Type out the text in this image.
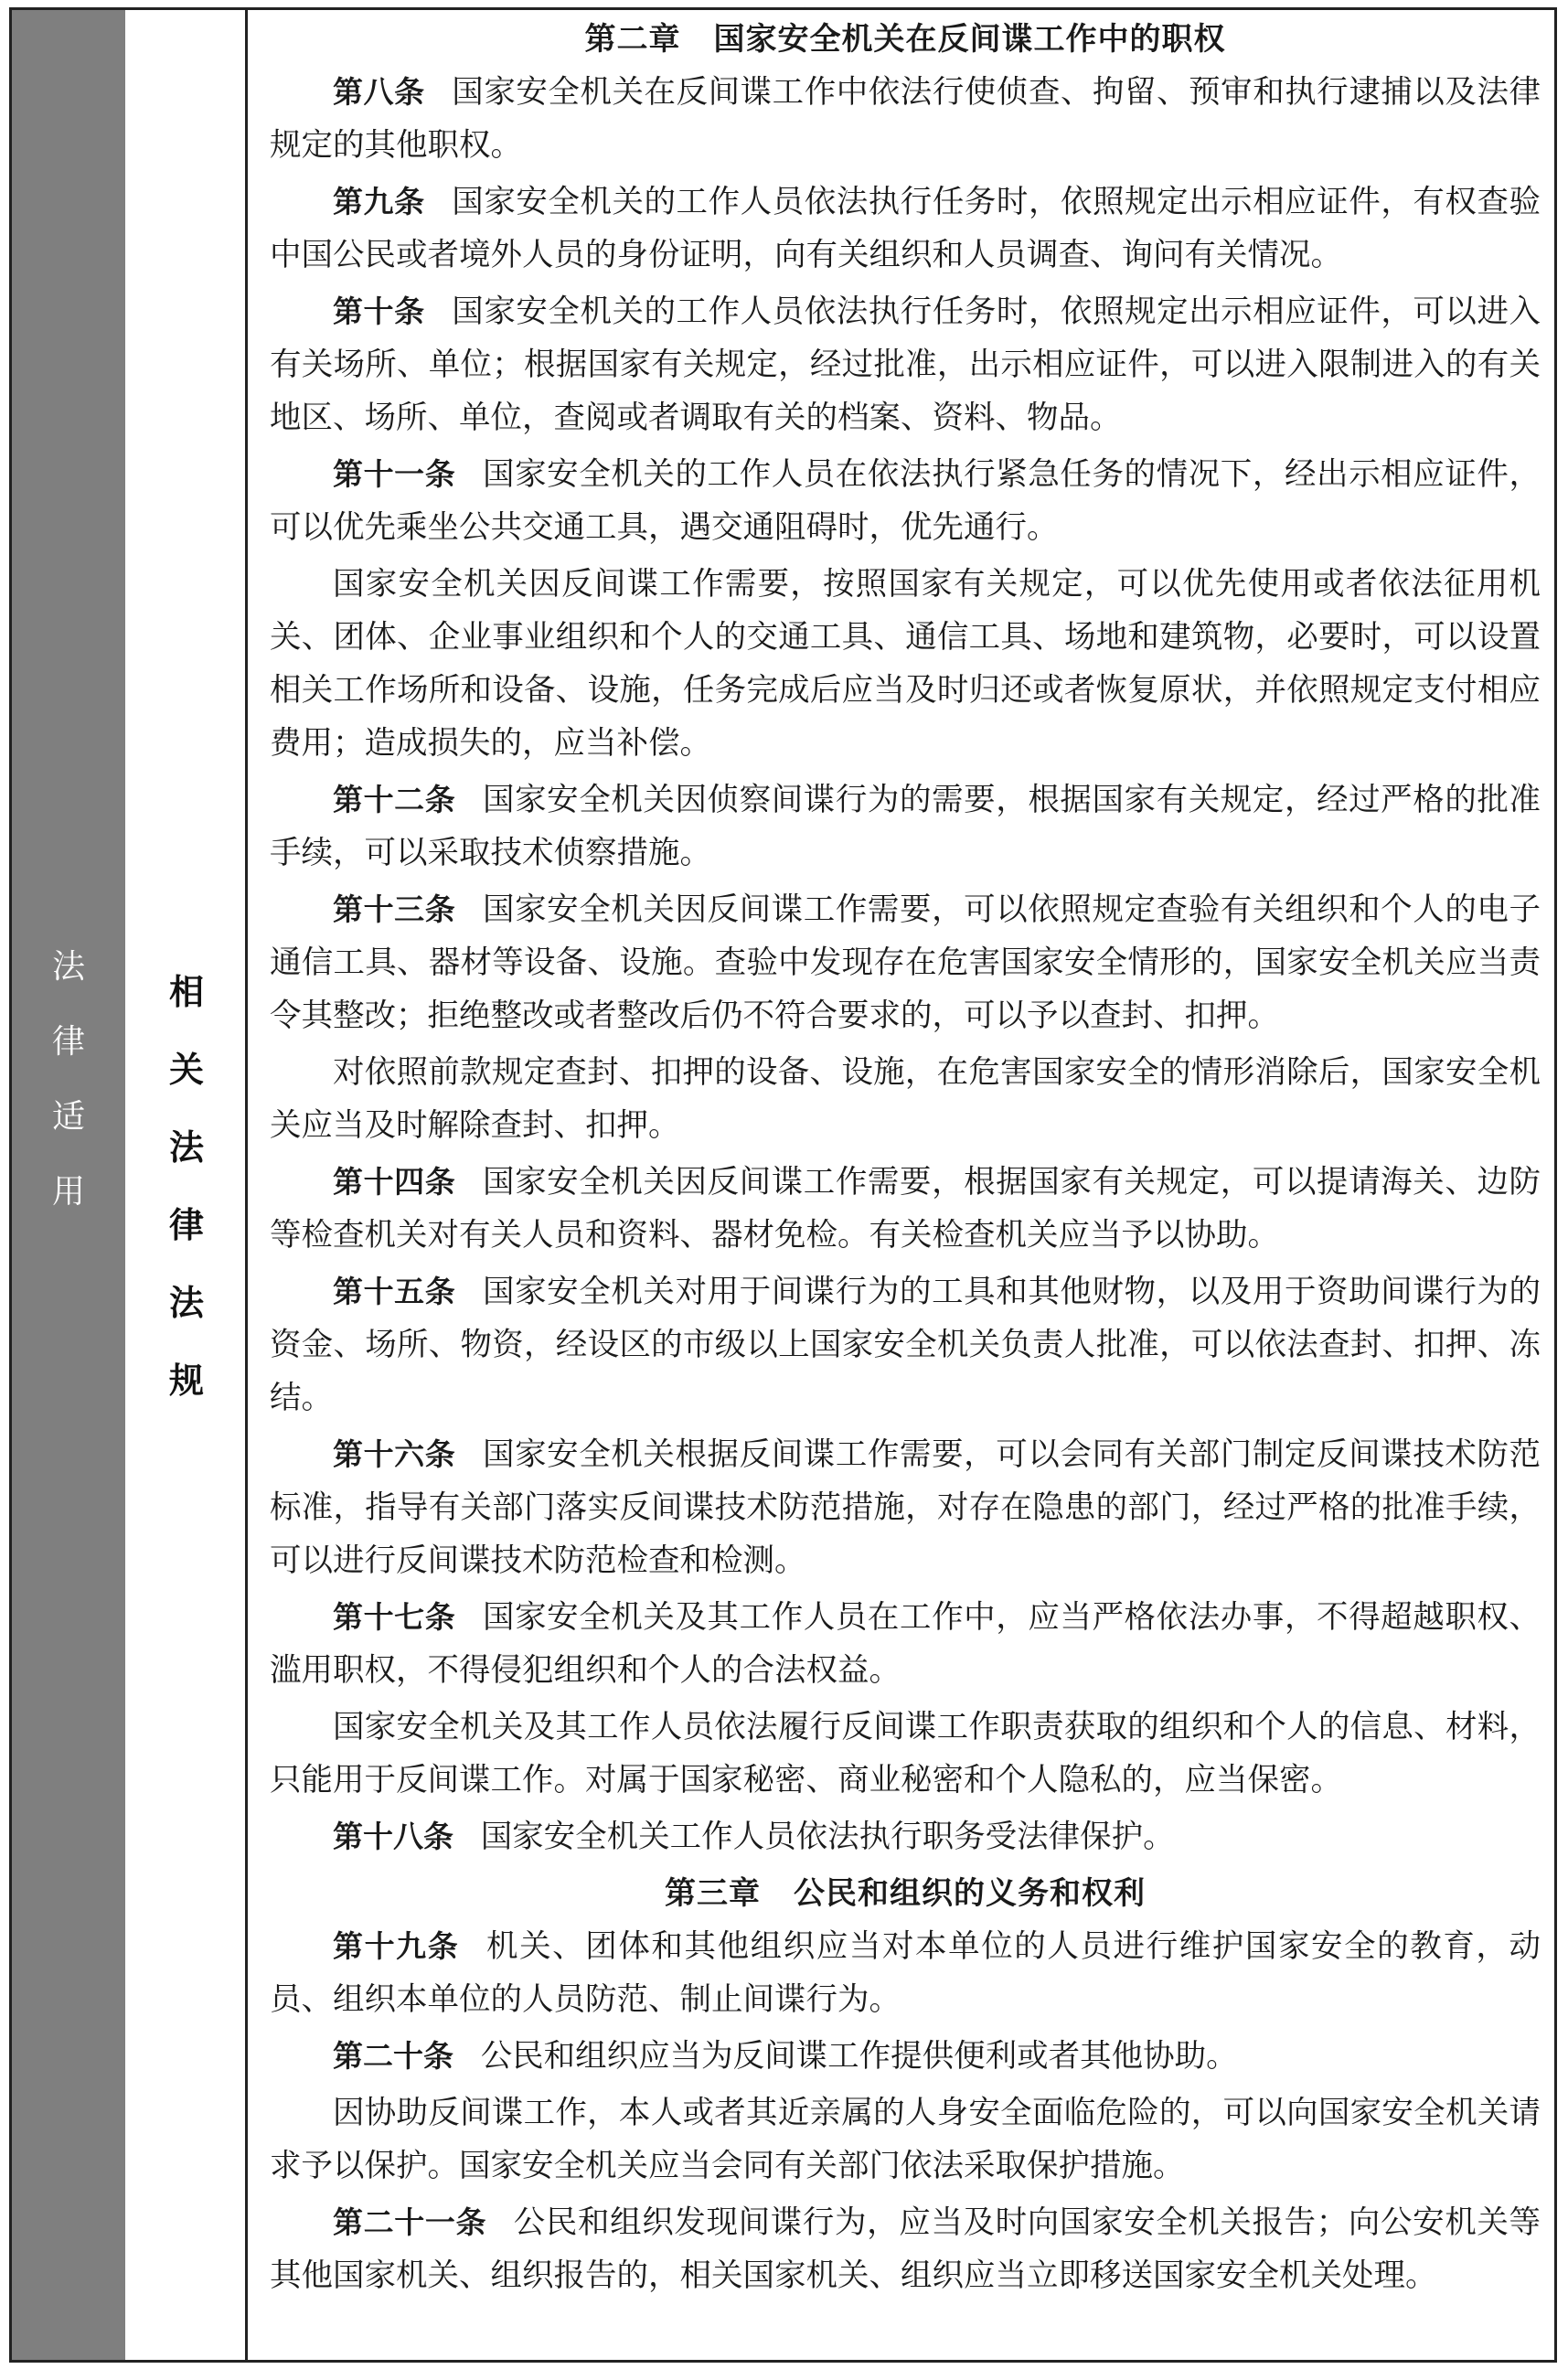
法
律
适
用
相
关
法
律
法
规
第二章 国家安全机关在反间谍工作中的职权

第八条 国家安全机关在反间谍工作中依法行使侦查、拘留、预审和执行逮捕以及法律规定的其他职权。

第九条 国家安全机关的工作人员依法执行任务时，依照规定出示相应证件，有权查验中国公民或者境外人员的身份证明，向有关组织和人员调查、询问有关情况。

第十条 国家安全机关的工作人员依法执行任务时，依照规定出示相应证件，可以进入有关场所、单位；根据国家有关规定，经过批准，出示相应证件，可以进入限制进入的有关地区、场所、单位，查阅或者调取有关的档案、资料、物品。

第十一条 国家安全机关的工作人员在依法执行紧急任务的情况下，经出示相应证件，可以优先乘坐公共交通工具，遇交通阻碍时，优先通行。

国家安全机关因反间谍工作需要，按照国家有关规定，可以优先使用或者依法征用机关、团体、企业事业组织和个人的交通工具、通信工具、场地和建筑物，必要时，可以设置相关工作场所和设备、设施，任务完成后应当及时归还或者恢复原状，并依照规定支付相应费用；造成损失的，应当补偿。

第十二条 国家安全机关因侦察间谍行为的需要，根据国家有关规定，经过严格的批准手续，可以采取技术侦察措施。

第十三条 国家安全机关因反间谍工作需要，可以依照规定查验有关组织和个人的电子通信工具、器材等设备、设施。查验中发现存在危害国家安全情形的，国家安全机关应当责令其整改；拒绝整改或者整改后仍不符合要求的，可以予以查封、扣押。

对依照前款规定查封、扣押的设备、设施，在危害国家安全的情形消除后，国家安全机关应当及时解除查封、扣押。

第十四条 国家安全机关因反间谍工作需要，根据国家有关规定，可以提请海关、边防等检查机关对有关人员和资料、器材免检。有关检查机关应当予以协助。

第十五条 国家安全机关对用于间谍行为的工具和其他财物，以及用于资助间谍行为的资金、场所、物资，经设区的市级以上国家安全机关负责人批准，可以依法查封、扣押、冻结。

第十六条 国家安全机关根据反间谍工作需要，可以会同有关部门制定反间谍技术防范标准，指导有关部门落实反间谍技术防范措施，对存在隐患的部门，经过严格的批准手续，可以进行反间谍技术防范检查和检测。

第十七条 国家安全机关及其工作人员在工作中，应当严格依法办事，不得超越职权、滥用职权，不得侵犯组织和个人的合法权益。

国家安全机关及其工作人员依法履行反间谍工作职责获取的组织和个人的信息、材料，只能用于反间谍工作。对属于国家秘密、商业秘密和个人隐私的，应当保密。

第十八条 国家安全机关工作人员依法执行职务受法律保护。

第三章 公民和组织的义务和权利

第十九条 机关、团体和其他组织应当对本单位的人员进行维护国家安全的教育，动员、组织本单位的人员防范、制止间谍行为。

第二十条 公民和组织应当为反间谍工作提供便利或者其他协助。

因协助反间谍工作，本人或者其近亲属的人身安全面临危险的，可以向国家安全机关请求予以保护。国家安全机关应当会同有关部门依法采取保护措施。

第二十一条 公民和组织发现间谍行为，应当及时向国家安全机关报告；向公安机关等其他国家机关、组织报告的，相关国家机关、组织应当立即移送国家安全机关处理。
